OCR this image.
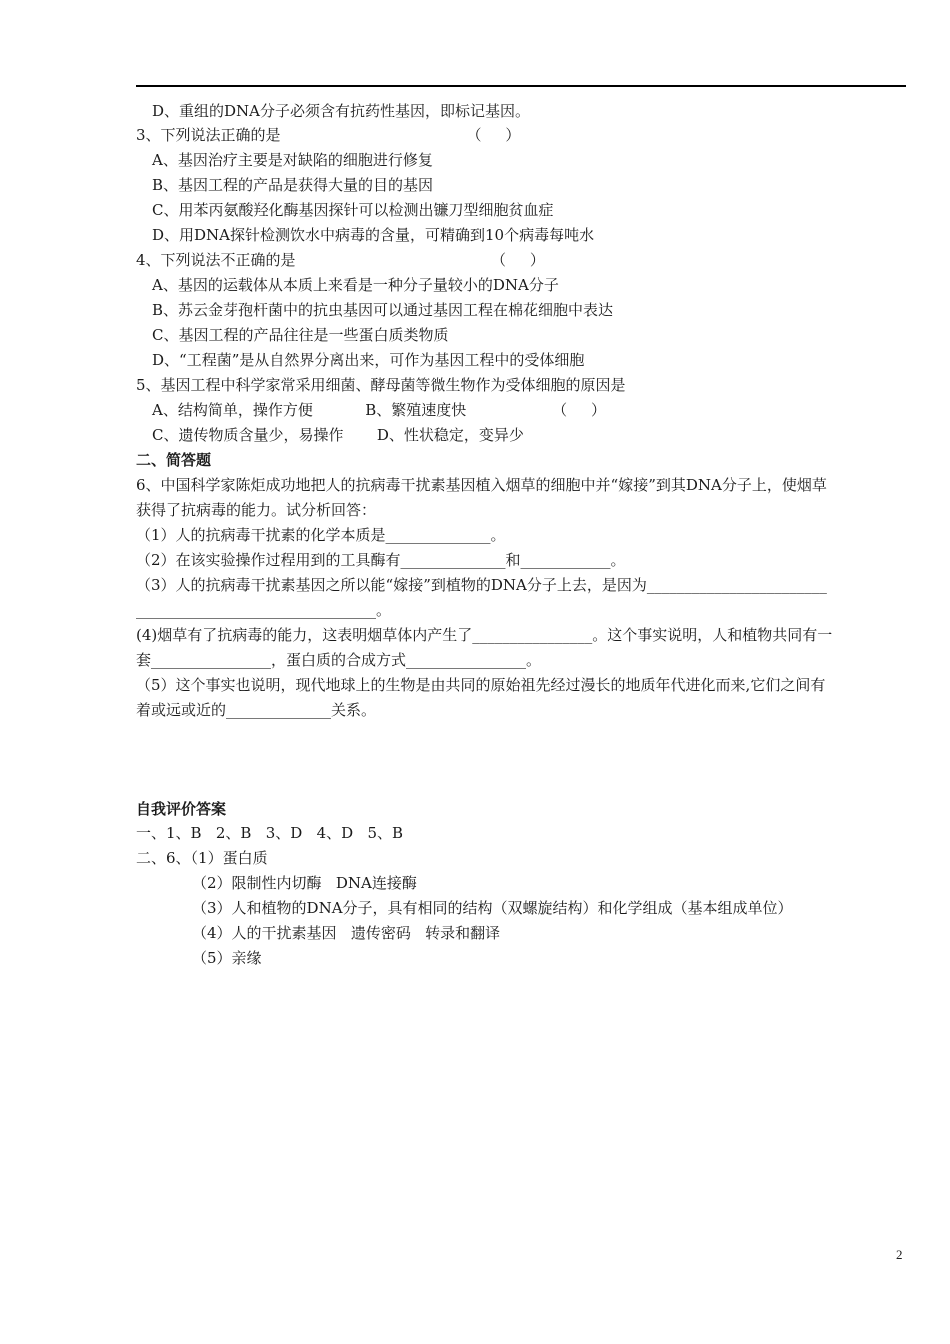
D、重组的DNA分子必须含有抗药性基因，即标记基因。
3、下列说法正确的是                                       （     ）
A、基因治疗主要是对缺陷的细胞进行修复
B、基因工程的产品是获得大量的目的基因
C、用苯丙氨酸羟化酶基因探针可以检测出镰刀型细胞贫血症
D、用DNA探针检测饮水中病毒的含量，可精确到10个病毒每吨水
4、下列说法不正确的是                                         （     ）
A、基因的运载体从本质上来看是一种分子量较小的DNA分子
B、苏云金芽孢杆菌中的抗虫基因可以通过基因工程在棉花细胞中表达
C、基因工程的产品往往是一些蛋白质类物质
D、“工程菌”是从自然界分离出来，可作为基因工程中的受体细胞
5、基因工程中科学家常采用细菌、酵母菌等微生物作为受体细胞的原因是
A、结构简单，操作方便           B、繁殖速度快                  （     ）
C、遗传物质含量少，易操作       D、性状稳定，变异少
二、简答题
6、中国科学家陈炬成功地把人的抗病毒干扰素基因植入烟草的细胞中并“嫁接”到其DNA分子上，使烟草
获得了抗病毒的能力。试分析回答：
（1）人的抗病毒干扰素的化学本质是______________。
（2）在该实验操作过程用到的工具酶有______________和____________。
（3）人的抗病毒干扰素基因之所以能“嫁接”到植物的DNA分子上去，是因为________________________
________________________________。
(4)烟草有了抗病毒的能力，这表明烟草体内产生了________________。这个事实说明，人和植物共同有一
套________________，蛋白质的合成方式________________。
（5）这个事实也说明，现代地球上的生物是由共同的原始祖先经过漫长的地质年代进化而来,它们之间有
着或远或近的______________关系。
自我评价答案
一、1、B   2、B   3、D   4、D   5、B
二、6、（1）蛋白质
（2）限制性内切酶   DNA连接酶
（3）人和植物的DNA分子，具有相同的结构（双螺旋结构）和化学组成（基本组成单位）
（4）人的干扰素基因   遗传密码   转录和翻译
（5）亲缘
2
